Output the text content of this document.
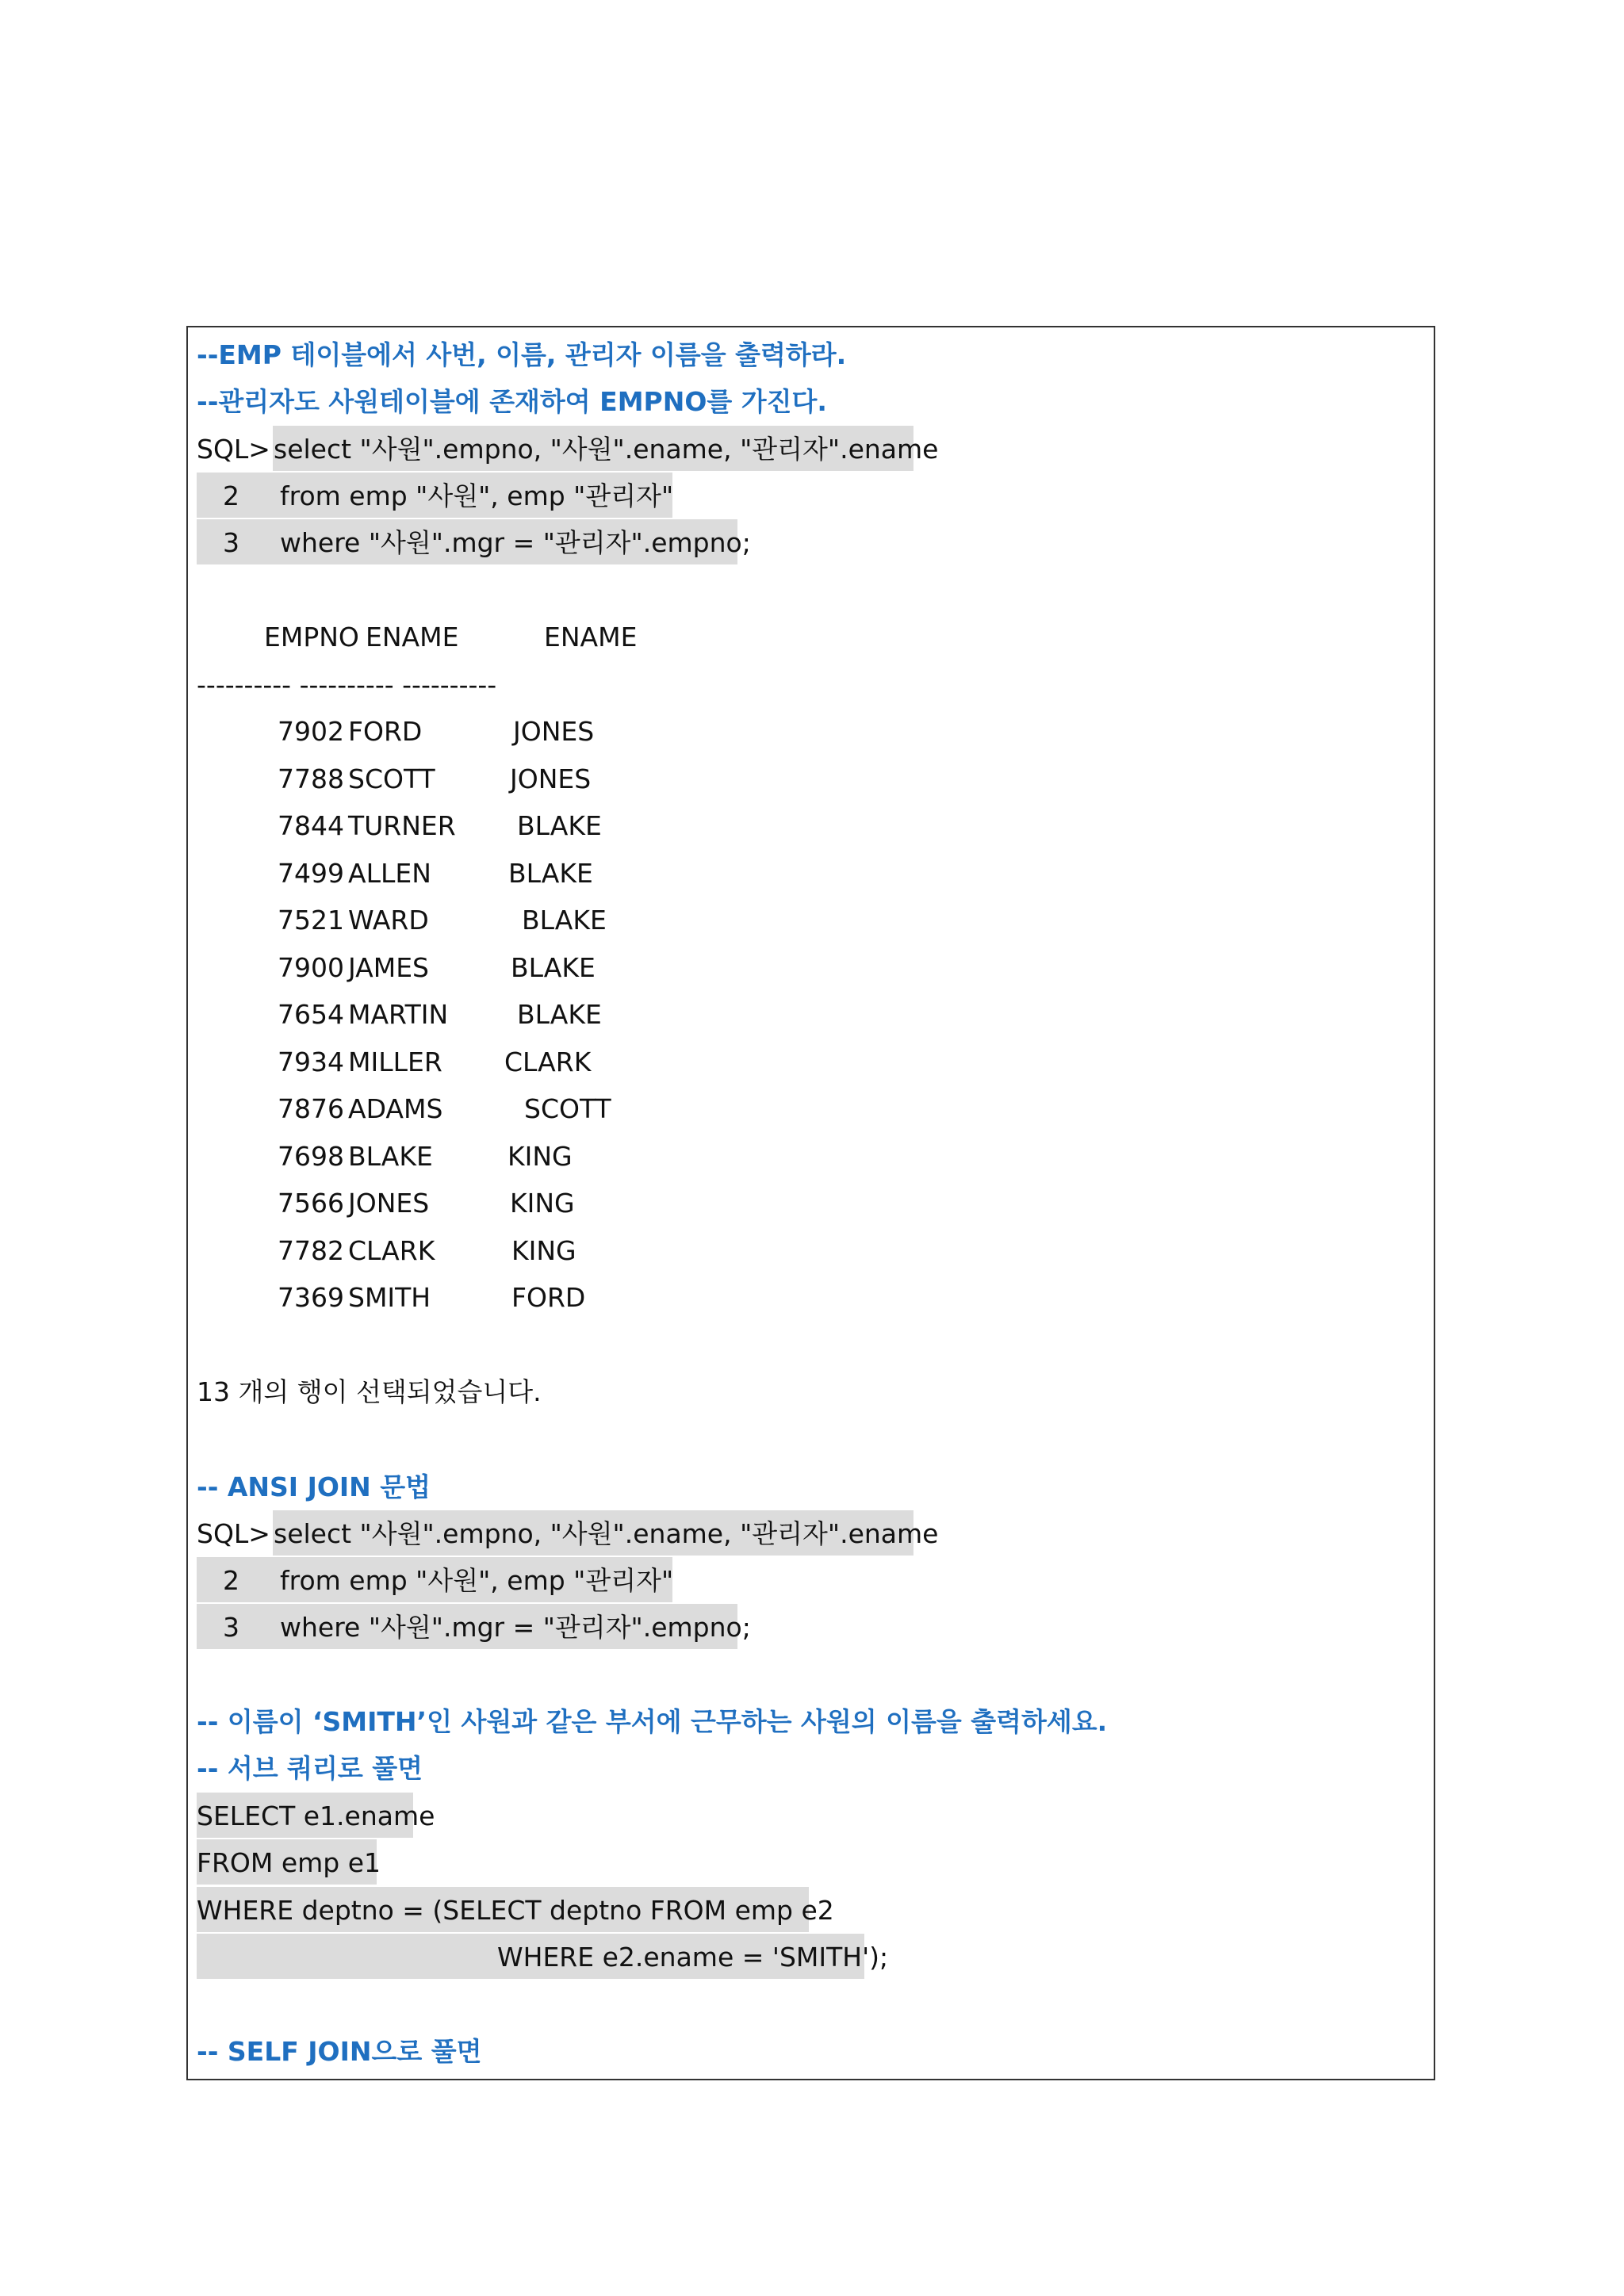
--EMP 테이블에서 사번, 이름, 관리자 이름을 출력하라.
--관리자도 사원테이블에 존재하여 EMPNO를 가진다.
SQL>
select "사원".empno, "사원".ename, "관리자".ename
2 from emp "사원", emp "관리자"
3 where "사원".mgr = "관리자".empno;
EMPNO ENAME	ENAME
---------- ---------- ----------
7902 FORD	JONES
7788 SCOTT	JONES
7844 TURNER BLAKE
7499 ALLEN	BLAKE
7521 WARD	BLAKE
7900 JAMES	BLAKE
7654 MARTIN	BLAKE
7934 MILLER CLARK
7876 ADAMS	SCOTT
7698 BLAKE	KING
7566 JONES	KING
7782 CLARK	KING
7369 SMITH	FORD
13 개의 행이 선택되었습니다.
-- ANSI JOIN 문법
SQL>
select "사원".empno, "사원".ename, "관리자".ename
2 from emp "사원", emp "관리자"
3 where "사원".mgr = "관리자".empno;
-- 이름이 ‘SMITH’인 사원과 같은 부서에 근무하는 사원의 이름을 출력하세요.
-- 서브 쿼리로 풀면
SELECT e1.ename
FROM emp e1
WHERE deptno = (SELECT deptno FROM emp e2
WHERE e2.ename = 'SMITH');
-- SELF JOIN으로 풀면
